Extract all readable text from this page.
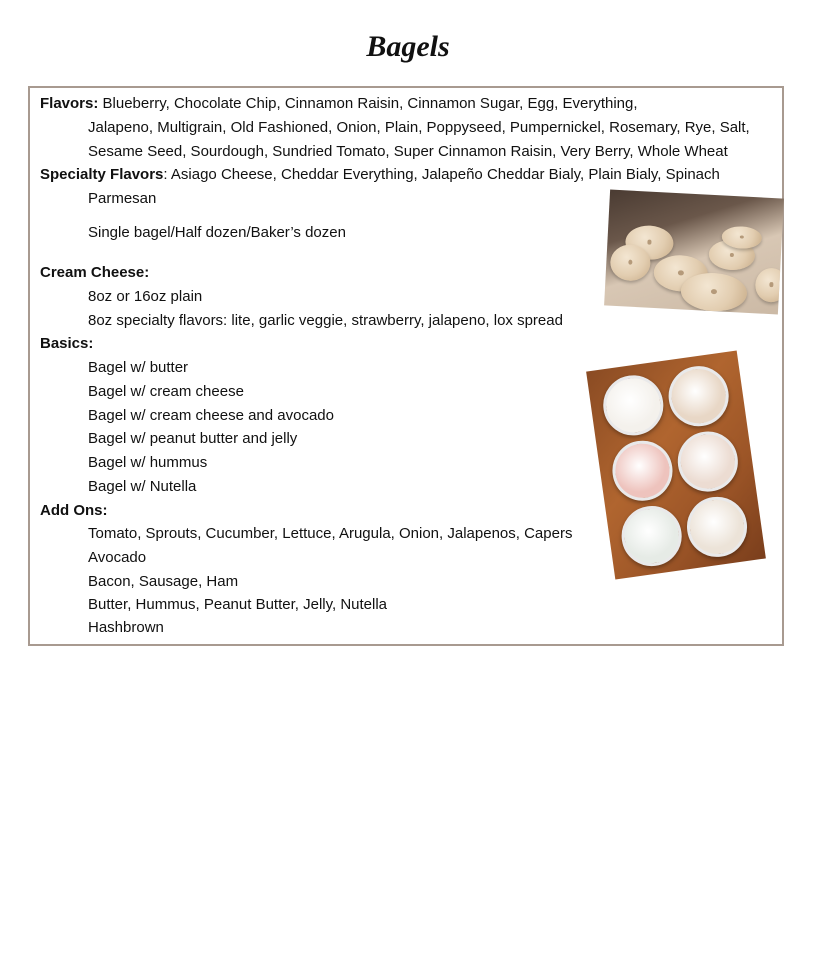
Bagels
Flavors: Blueberry, Chocolate Chip, Cinnamon Raisin, Cinnamon Sugar, Egg, Everything,
Jalapeno, Multigrain, Old Fashioned, Onion, Plain, Poppyseed, Pumpernickel, Rosemary, Rye, Salt,
Sesame Seed, Sourdough, Sundried Tomato, Super Cinnamon Raisin, Very Berry, Whole Wheat
Specialty Flavors: Asiago Cheese, Cheddar Everything, Jalapeño Cheddar Bialy, Plain Bialy, Spinach
Parmesan
Single bagel/Half dozen/Baker’s dozen
Cream Cheese:
8oz or 16oz plain
8oz specialty flavors: lite, garlic veggie, strawberry, jalapeno, lox spread
Basics:
Bagel w/ butter
Bagel w/ cream cheese
Bagel w/ cream cheese and avocado
Bagel w/ peanut butter and jelly
Bagel w/ hummus
Bagel w/ Nutella
Add Ons:
Tomato, Sprouts, Cucumber, Lettuce, Arugula, Onion, Jalapenos, Capers
Avocado
Bacon, Sausage, Ham
Butter, Hummus, Peanut Butter, Jelly, Nutella
Hashbrown
